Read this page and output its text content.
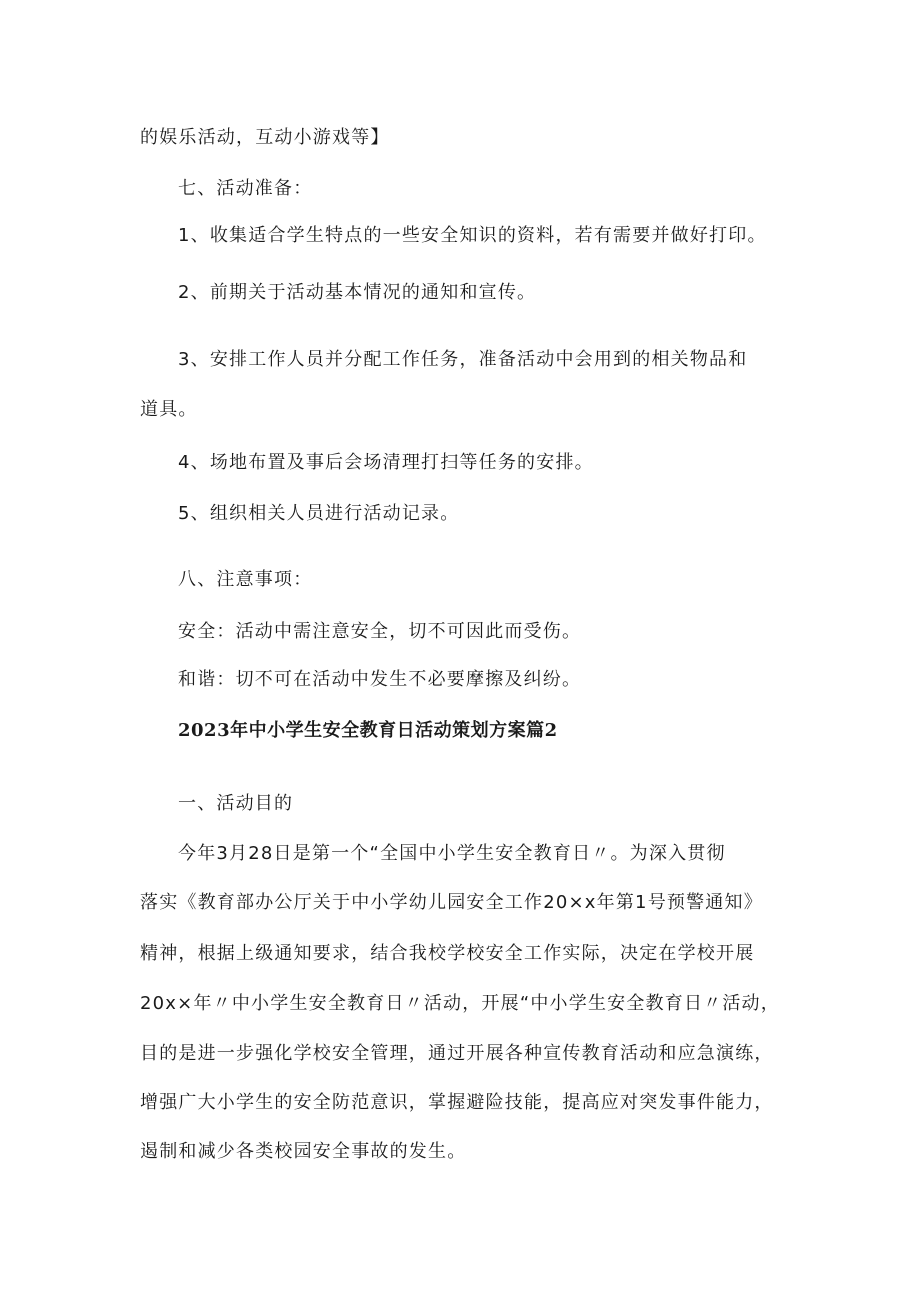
的娱乐活动，互动小游戏等】
七、活动准备：
1、收集适合学生特点的一些安全知识的资料，若有需要并做好打印。
2、前期关于活动基本情况的通知和宣传。
3、安排工作人员并分配工作任务，准备活动中会用到的相关物品和
道具。
4、场地布置及事后会场清理打扫等任务的安排。
5、组织相关人员进行活动记录。
八、注意事项：
安全：活动中需注意安全，切不可因此而受伤。
和谐：切不可在活动中发生不必要摩擦及纠纷。
2023年中小学生安全教育日活动策划方案篇2
一、活动目的
今年3月28日是第一个“全国中小学生安全教育日〃。为深入贯彻
落实《教育部办公厅关于中小学幼儿园安全工作20×x年第1号预警通知》
精神，根据上级通知要求，结合我校学校安全工作实际，决定在学校开展
20x×年〃中小学生安全教育日〃活动，开展“中小学生安全教育日〃活动，
目的是进一步强化学校安全管理，通过开展各种宣传教育活动和应急演练，
增强广大小学生的安全防范意识，掌握避险技能，提高应对突发事件能力，
遏制和减少各类校园安全事故的发生。
